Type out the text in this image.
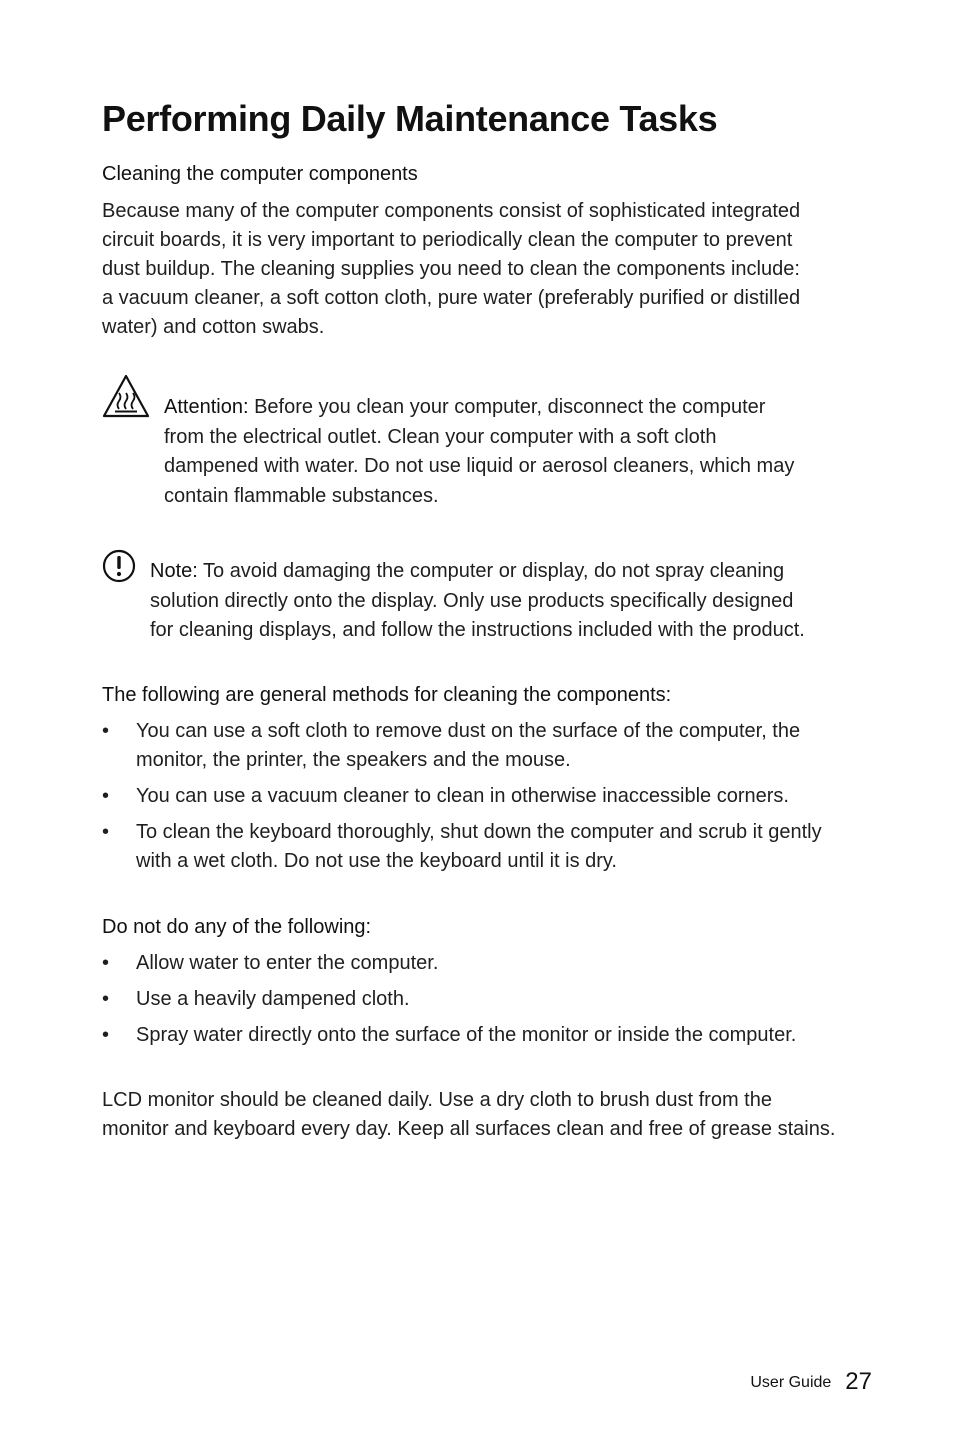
Performing Daily Maintenance Tasks
Cleaning the computer components

Because many of the computer components consist of sophisticated integrated
circuit boards, it is very important to periodically clean the computer to prevent
dust buildup. The cleaning supplies you need to clean the components include:
a vacuum cleaner, a soft cotton cloth, pure water (preferably purified or distilled
water) and cotton swabs.

Attention: Before you clean your computer, disconnect the computer
from the electrical outlet. Clean your computer with a soft cloth
dampened with water. Do not use liquid or aerosol cleaners, which may
contain flammable substances.
Note: To avoid damaging the computer or display, do not spray cleaning
solution directly onto the display. Only use products specifically designed
for cleaning displays, and follow the instructions included with the product.
The following are general methods for cleaning the components:
• You can use a soft cloth to remove dust on the surface of the computer, the
monitor, the printer, the speakers and the mouse.
• You can use a vacuum cleaner to clean in otherwise inaccessible corners.
• To clean the keyboard thoroughly, shut down the computer and scrub it gently
with a wet cloth. Do not use the keyboard until it is dry.
Do not do any of the following:
• Allow water to enter the computer.
• Use a heavily dampened cloth.
• Spray water directly onto the surface of the monitor or inside the computer.

LCD monitor should be cleaned daily. Use a dry cloth to brush dust from the
monitor and keyboard every day. Keep all surfaces clean and free of grease stains.

User Guide 27
